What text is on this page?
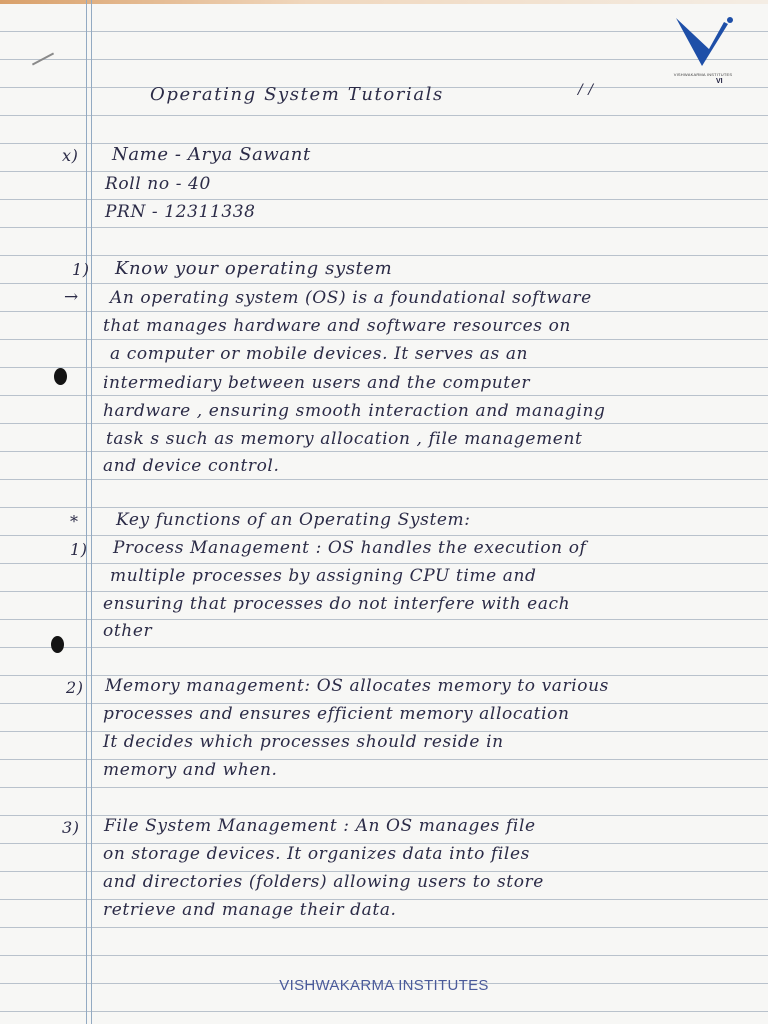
VISHWAKARMA INSTITUTES
VI
Operating System Tutorials	/ /
x) Name - Arya Sawant
Roll no - 40
PRN - 12311338
1) Know your operating system
→ An operating system (OS) is a foundational software
that manages hardware and software resources on
a computer or mobile devices. It serves as an
intermediary between users and the computer
hardware , ensuring smooth interaction and managing
task s such as memory allocation , file management
and device control.
* Key functions of an Operating System:
1) Process Management : OS handles the execution of
multiple processes by assigning CPU time and
ensuring that processes do not interfere with each
other
2) Memory management: OS allocates memory to various
processes and ensures efficient memory allocation
It decides which processes should reside in
memory and when.
3) File System Management : An OS manages file
on storage devices. It organizes data into files
and directories (folders) allowing users to store
retrieve and manage their data.
VISHWAKARMA INSTITUTES
